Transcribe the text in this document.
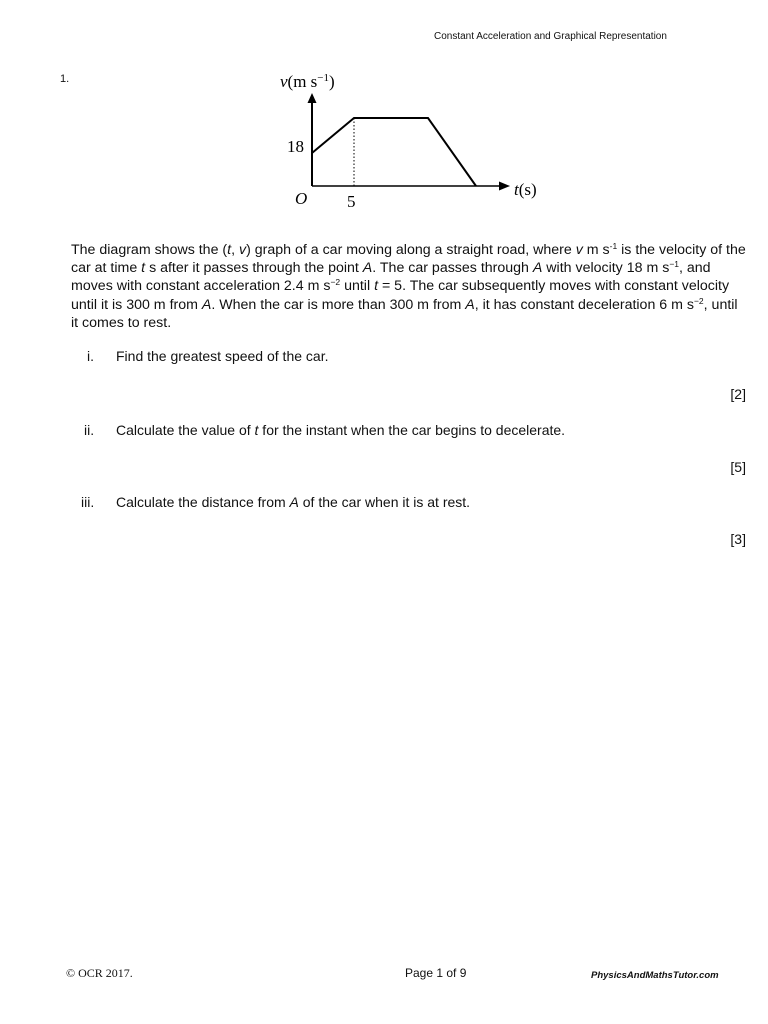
Constant Acceleration and Graphical Representation
1.	v(m $s^{-1}$)
18
O 5
t(s)

The diagram shows the (t, v) graph of a car moving along a straight road, where v m $s^{-1}$ is the velocity of the car at time t s after it passes through the point A. The car passes through A with velocity 18 m $s^{-1}$, and moves with constant acceleration 2.4 m $s^{-2}$ until t = 5. The car subsequently moves with constant velocity until it is 300 m from A. When the car is more than 300 m from A, it has constant deceleration 6 m $s^{-2}$, until it comes to rest.

i. Find the greatest speed of the car.
[2]
ii. Calculate the value of t for the instant when the car begins to decelerate.
[5]
iii. Calculate the distance from A of the car when it is at rest.
[3]
© OCR 2017.	Page 1 of 9	PhysicsAndMathsTutor.com
